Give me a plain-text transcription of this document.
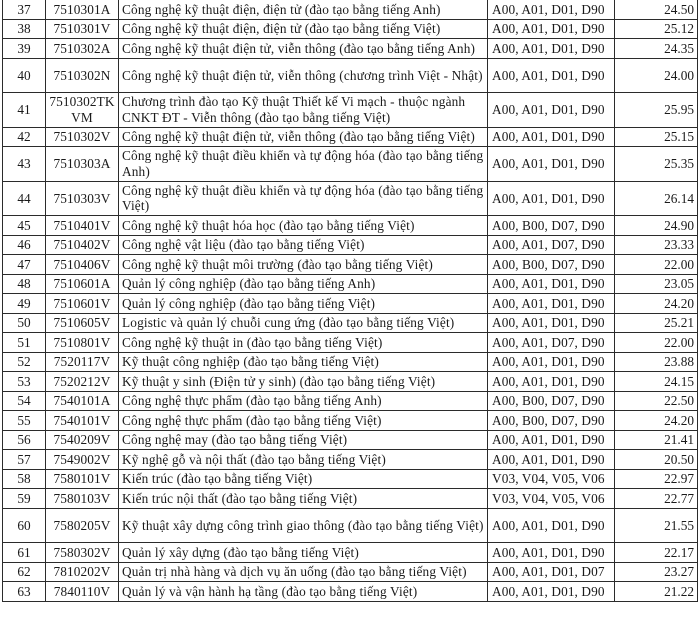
37	7510301A	Công nghệ kỹ thuật điện, điện tử (đào tạo bằng tiếng Anh)	A00, A01, D01, D90	24.50
38	7510301V	Công nghệ kỹ thuật điện, điện tử (đào tạo bằng tiếng Việt)	A00, A01, D01, D90	25.12
39	7510302A	Công nghệ kỹ thuật điện tử, viễn thông (đào tạo bằng tiếng Anh)	A00, A01, D01, D90	24.35
40	7510302N	Công nghệ kỹ thuật điện tử, viễn thông (chương trình Việt - Nhật)	A00, A01, D01, D90	24.00
41	7510302TK VM	Chương trình đào tạo Kỹ thuật Thiết kế Vi mạch - thuộc ngành CNKT ĐT - Viễn thông (đào tạo bằng tiếng Việt)	A00, A01, D01, D90	25.95
42	7510302V	Công nghệ kỹ thuật điện tử, viễn thông (đào tạo bằng tiếng Việt)	A00, A01, D01, D90	25.15
43	7510303A	Công nghệ kỹ thuật điều khiển và tự động hóa (đào tạo bằng tiếng Anh)	A00, A01, D01, D90	25.35
44	7510303V	Công nghệ kỹ thuật điều khiển và tự động hóa (đào tạo bằng tiếng Việt)	A00, A01, D01, D90	26.14
45	7510401V	Công nghệ kỹ thuật hóa học (đào tạo bằng tiếng Việt)	A00, B00, D07, D90	24.90
46	7510402V	Công nghệ vật liệu (đào tạo bằng tiếng Việt)	A00, A01, D07, D90	23.33
47	7510406V	Công nghệ kỹ thuật môi trường (đào tạo bằng tiếng Việt)	A00, B00, D07, D90	22.00
48	7510601A	Quản lý công nghiệp (đào tạo bằng tiếng Anh)	A00, A01, D01, D90	23.05
49	7510601V	Quản lý công nghiệp (đào tạo bằng tiếng Việt)	A00, A01, D01, D90	24.20
50	7510605V	Logistic và quản lý chuỗi cung ứng (đào tạo bằng tiếng Việt)	A00, A01, D01, D90	25.21
51	7510801V	Công nghệ kỹ thuật in (đào tạo bằng tiếng Việt)	A00, A01, D07, D90	22.00
52	7520117V	Kỹ thuật công nghiệp (đào tạo bằng tiếng Việt)	A00, A01, D01, D90	23.88
53	7520212V	Kỹ thuật y sinh (Điện tử y sinh) (đào tạo bằng tiếng Việt)	A00, A01, D01, D90	24.15
54	7540101A	Công nghệ thực phẩm (đào tạo bằng tiếng Anh)	A00, B00, D07, D90	22.50
55	7540101V	Công nghệ thực phẩm (đào tạo bằng tiếng Việt)	A00, B00, D07, D90	24.20
56	7540209V	Công nghệ may (đào tạo bằng tiếng Việt)	A00, A01, D01, D90	21.41
57	7549002V	Kỹ nghệ gỗ và nội thất (đào tạo bằng tiếng Việt)	A00, A01, D01, D90	20.50
58	7580101V	Kiến trúc (đào tạo bằng tiếng Việt)	V03, V04, V05, V06	22.97
59	7580103V	Kiến trúc nội thất (đào tạo bằng tiếng Việt)	V03, V04, V05, V06	22.77
60	7580205V	Kỹ thuật xây dựng công trình giao thông (đào tạo bằng tiếng Việt)	A00, A01, D01, D90	21.55
61	7580302V	Quản lý xây dựng (đào tạo bằng tiếng Việt)	A00, A01, D01, D90	22.17
62	7810202V	Quản trị nhà hàng và dịch vụ ăn uống (đào tạo bằng tiếng Việt)	A00, A01, D01, D07	23.27
63	7840110V	Quản lý và vận hành hạ tầng (đào tạo bằng tiếng Việt)	A00, A01, D01, D90	21.22
